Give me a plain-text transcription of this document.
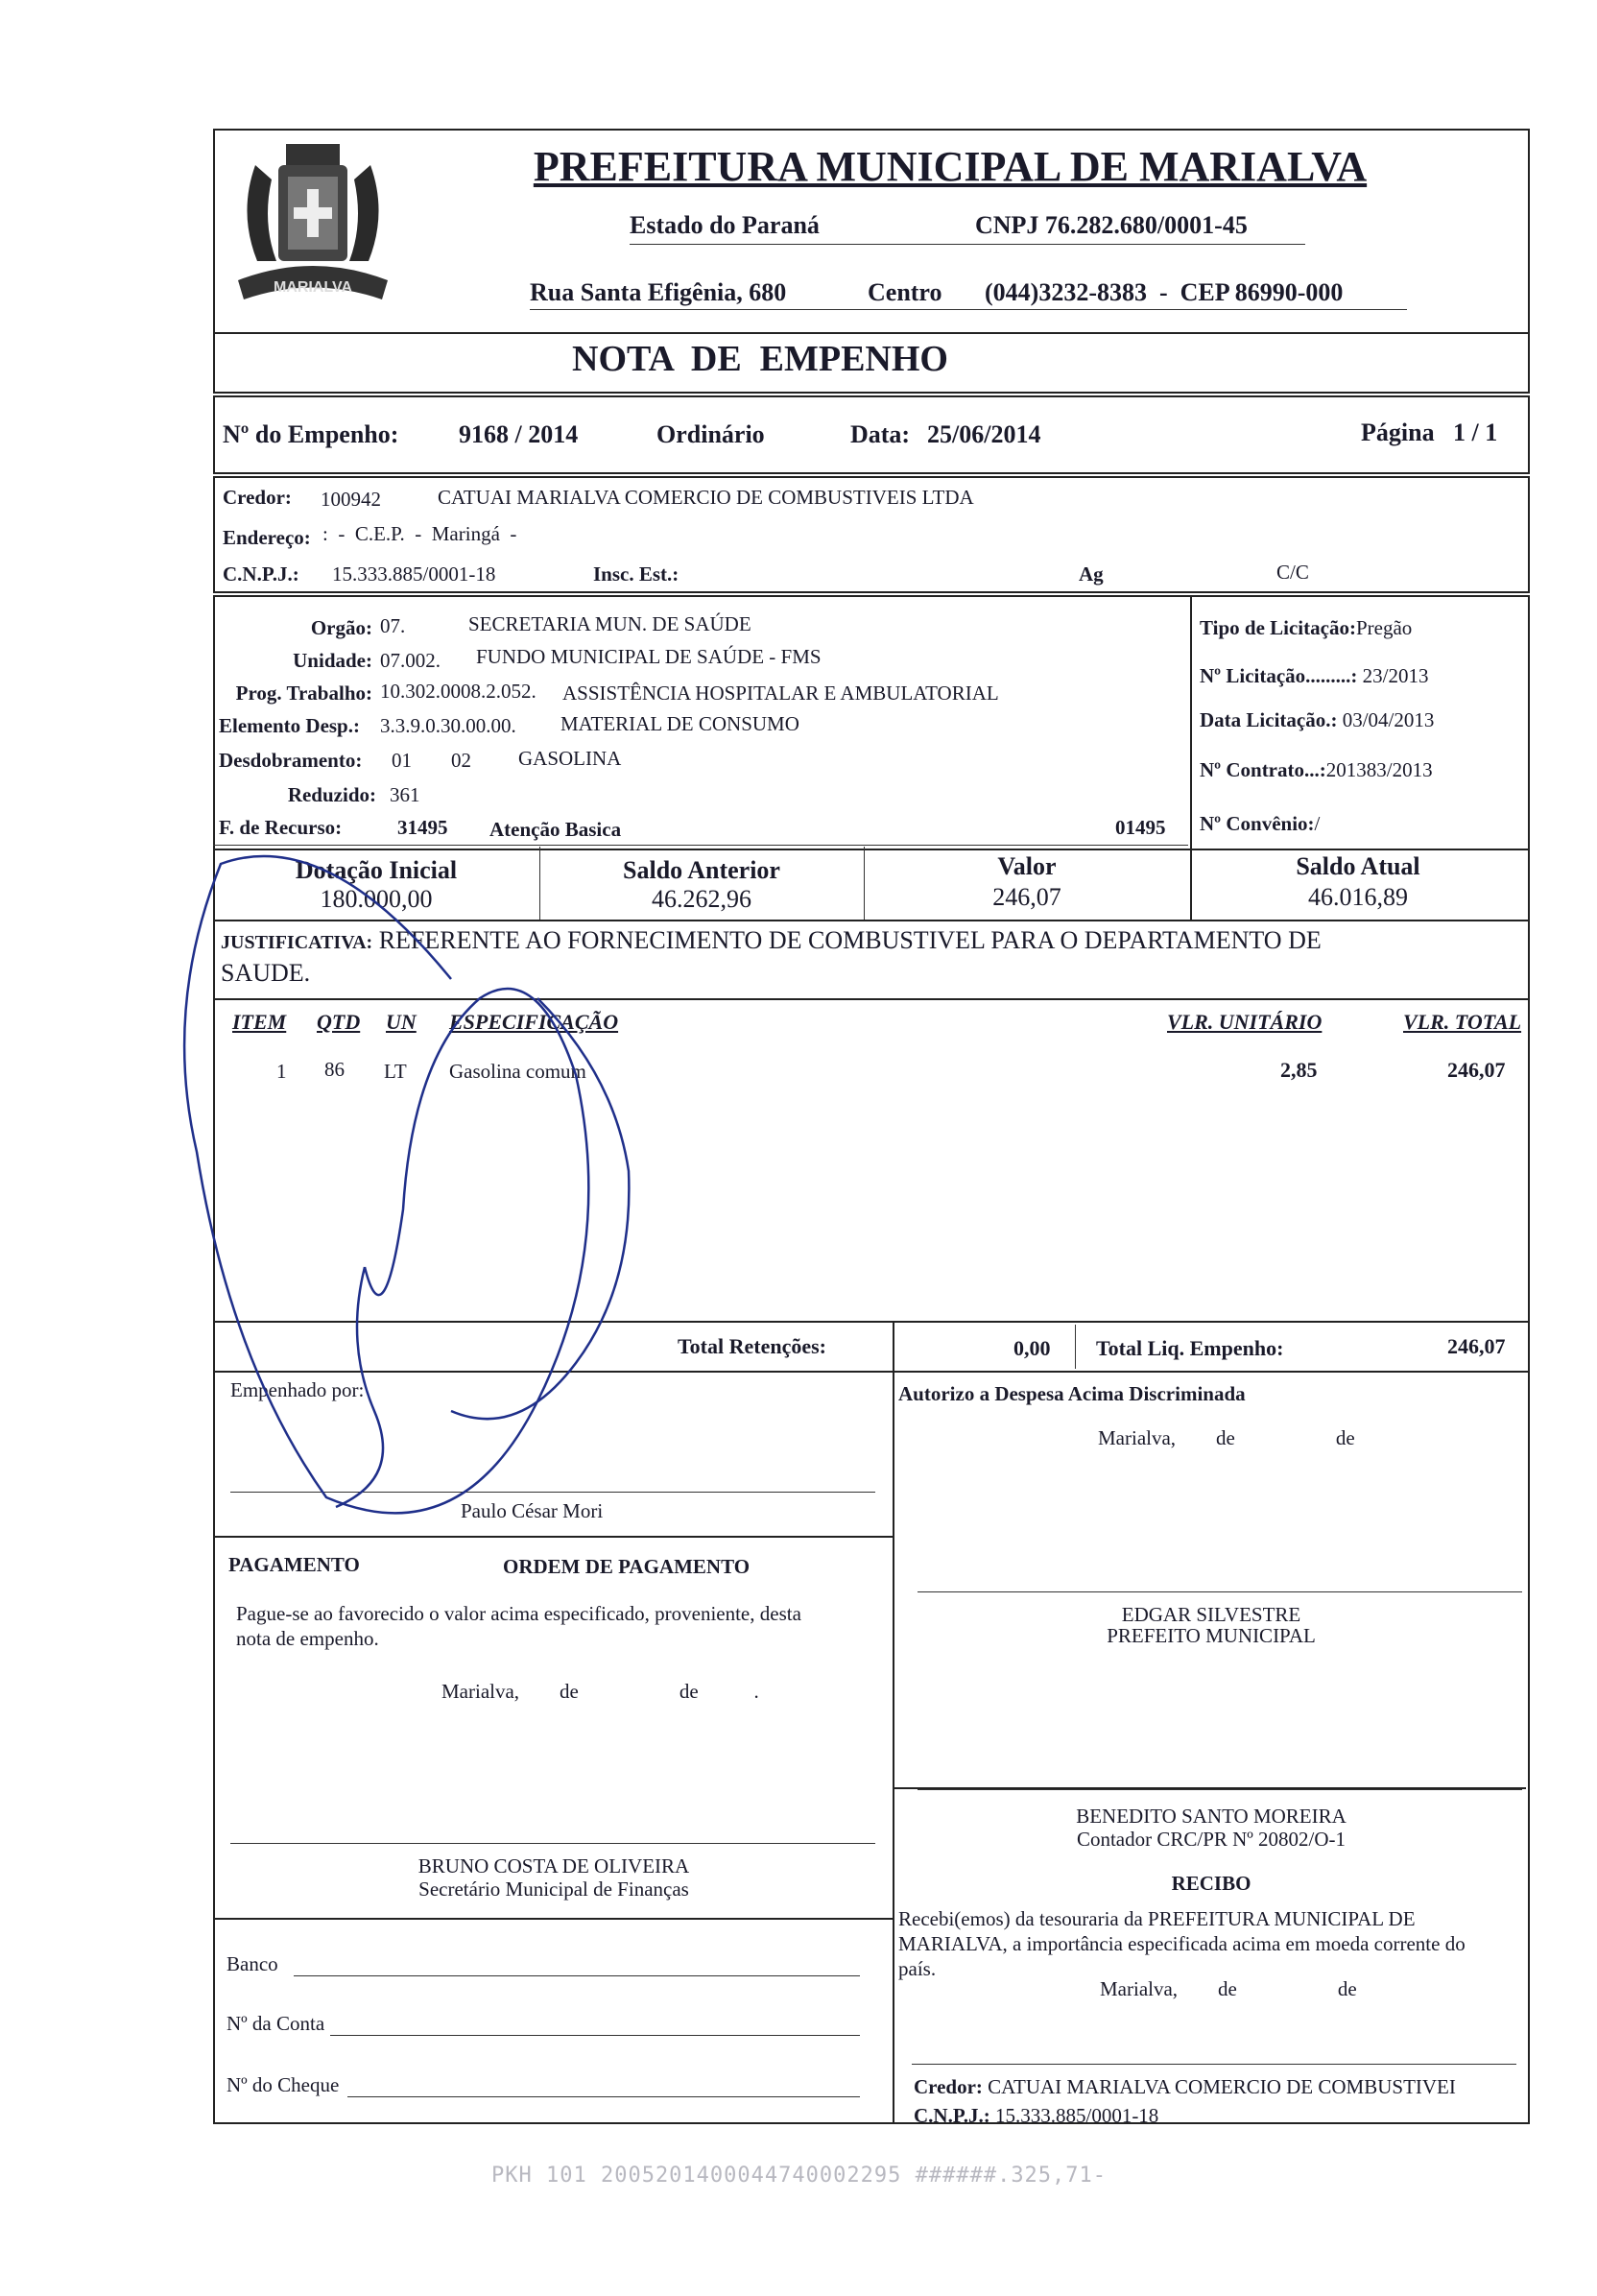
MARIALVA
PREFEITURA MUNICIPAL DE MARIALVA
Estado do Paraná	CNPJ 76.282.680/0001-45
Rua Santa Efigênia, 680	Centro (044)3232-8383  -  CEP 86990-000
NOTA  DE  EMPENHO
Nº do Empenho: 9168 / 2014	Ordinário	Data: 25/06/2014	Página 1 / 1
Credor: 100942	CATUAI MARIALVA COMERCIO DE COMBUSTIVEIS LTDA
Endereço: :  -  C.E.P.  -  Maringá  -
C.N.P.J.: 15.333.885/0001-18	Insc. Est.:	Ag	C/C
Orgão: 07.	SECRETARIA MUN. DE SAÚDE
Unidade: 07.002. FUNDO MUNICIPAL DE SAÚDE - FMS
Prog. Trabalho: 10.302.0008.2.052. ASSISTÊNCIA HOSPITALAR E AMBULATORIAL
Elemento Desp.: 3.3.9.0.30.00.00. MATERIAL DE CONSUMO
Desdobramento: 01 02 GASOLINA
Reduzido: 361
F. de Recurso:	31495 Atenção Basica	01495
Tipo de Licitação:Pregão
Nº Licitação.........: 23/2013
Data Licitação.: 03/04/2013
Nº Contrato...:201383/2013
Nº Convênio:/
Dotação Inicial
180.000,00
Saldo Anterior
46.262,96
Valor
246,07
Saldo Atual
46.016,89
JUSTIFICATIVA: REFERENTE AO FORNECIMENTO DE COMBUSTIVEL PARA O DEPARTAMENTO DE
SAUDE.
ITEM QTD UN ESPECIFICAÇÃO	VLR. UNITÁRIO	VLR. TOTAL
1 86 LT Gasolina comum	2,85	246,07
Total Retenções:	0,00 Total Liq. Empenho:	246,07
Empenhado por:
Paulo César Mori
Autorizo a Despesa Acima Discriminada
Marialva,        de                    de
PAGAMENTO	ORDEM DE PAGAMENTO
Pague-se ao favorecido o valor acima especificado, proveniente, desta
nota de empenho.
Marialva,        de                    de           .
EDGAR SILVESTRE
PREFEITO MUNICIPAL
BENEDITO SANTO MOREIRA
Contador CRC/PR Nº 20802/O-1
BRUNO COSTA DE OLIVEIRA
Secretário Municipal de Finanças	RECIBO
Recebi(emos) da tesouraria da PREFEITURA MUNICIPAL DE
MARIALVA, a importância especificada acima em moeda corrente do
país.
Marialva,        de                    de
Banco
Nº da Conta
Nº do Cheque	Credor: CATUAI MARIALVA COMERCIO DE COMBUSTIVEI
C.N.P.J.: 15.333.885/0001-18
PKH 101 2005201400044740002295 ######.325,71-
